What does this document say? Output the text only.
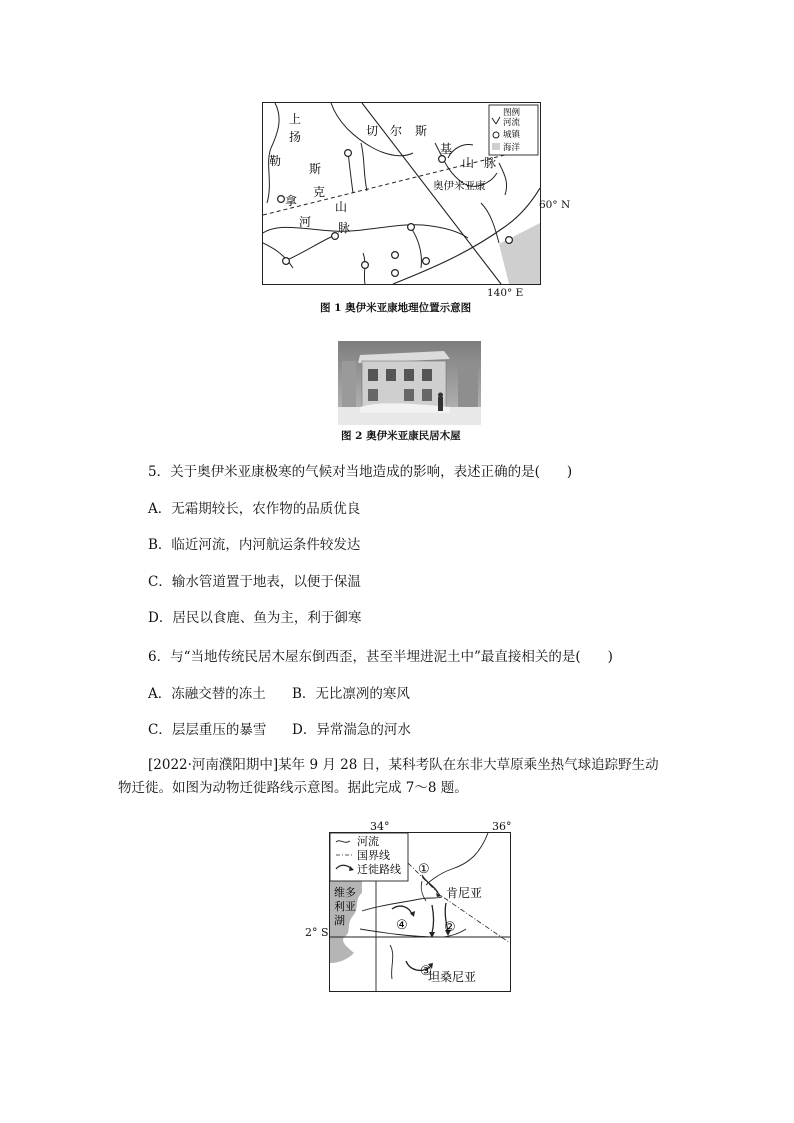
图例
河流
城镇
海洋
上
扬
勒
斯
拿
克
山
河 脉
切 尔 斯
基
山 脉
奥伊米亚康
60° N
140° E
图 1 奥伊米亚康地理位置示意图
图 2 奥伊米亚康民居木屋
5．关于奥伊米亚康极寒的气候对当地造成的影响，表述正确的是(　　)
A．无霜期较长，农作物的品质优良
B．临近河流，内河航运条件较发达
C．输水管道置于地表，以便于保温
D．居民以食鹿、鱼为主，利于御寒
6．与“当地传统民居木屋东倒西歪，甚至半埋进泥土中”最直接相关的是(　　)
A．冻融交替的冻土 B．无比凛冽的寒风
C．层层重压的暴雪 D．异常湍急的河水
[2022·河南濮阳期中]某年 9 月 28 日，某科考队在东非大草原乘坐热气球追踪野生动
物迁徙。如图为动物迁徙路线示意图。据此完成 7～8 题。
34°	36°
2° S
河流
国界线
迁徙路线
维多
利亚
湖
肯尼亚
坦桑尼亚
①
②
③
④
